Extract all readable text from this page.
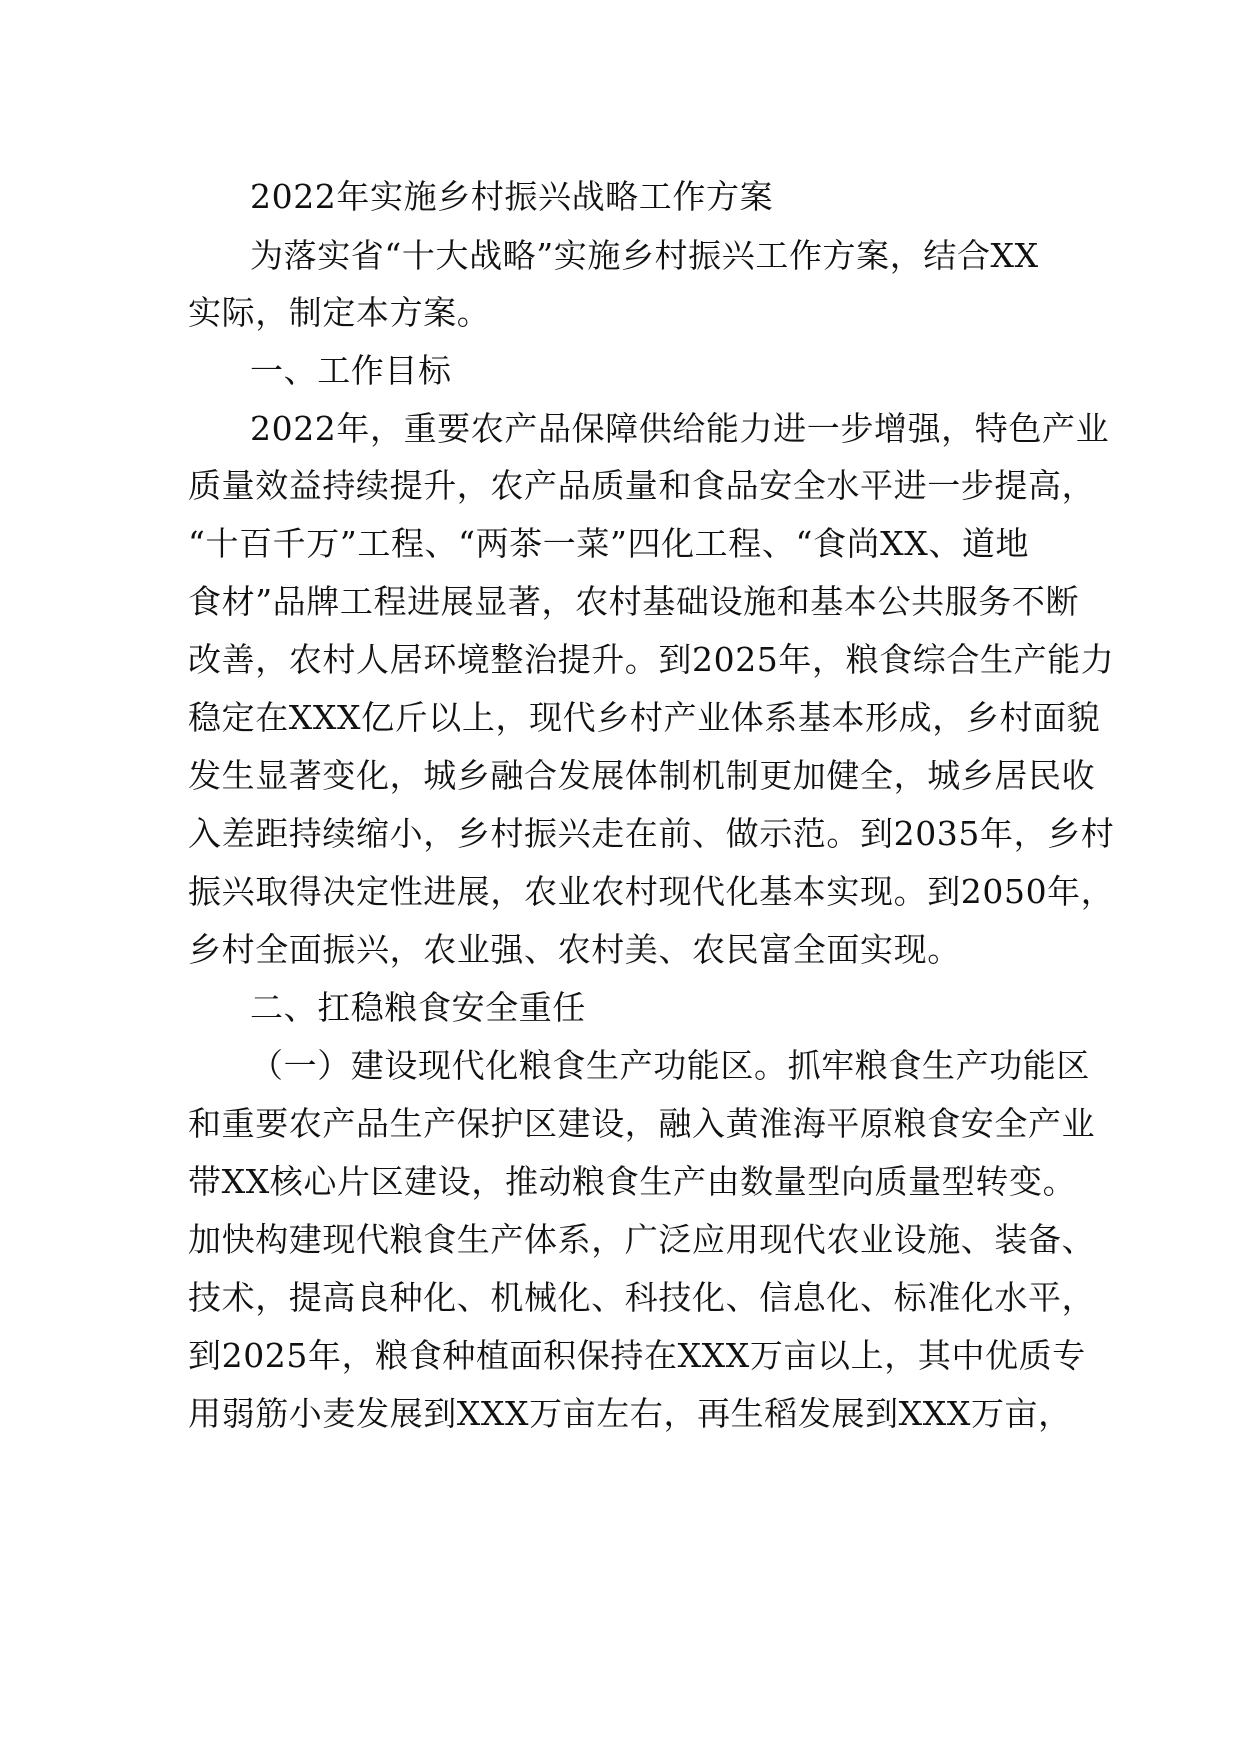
2022年实施乡村振兴战略工作方案
为落实省“十大战略”实施乡村振兴工作方案，结合XX
实际，制定本方案。
一、工作目标
2022年，重要农产品保障供给能力进一步增强，特色产业
质量效益持续提升，农产品质量和食品安全水平进一步提高，
“十百千万”工程、“两茶一菜”四化工程、“食尚XX、道地
食材”品牌工程进展显著，农村基础设施和基本公共服务不断
改善，农村人居环境整治提升。到2025年，粮食综合生产能力
稳定在XXX亿斤以上，现代乡村产业体系基本形成，乡村面貌
发生显著变化，城乡融合发展体制机制更加健全，城乡居民收
入差距持续缩小，乡村振兴走在前、做示范。到2035年，乡村
振兴取得决定性进展，农业农村现代化基本实现。到2050年，
乡村全面振兴，农业强、农村美、农民富全面实现。
二、扛稳粮食安全重任
（一）建设现代化粮食生产功能区。抓牢粮食生产功能区
和重要农产品生产保护区建设，融入黄淮海平原粮食安全产业
带XX核心片区建设，推动粮食生产由数量型向质量型转变。
加快构建现代粮食生产体系，广泛应用现代农业设施、装备、
技术，提高良种化、机械化、科技化、信息化、标准化水平，
到2025年，粮食种植面积保持在XXX万亩以上，其中优质专
用弱筋小麦发展到XXX万亩左右，再生稻发展到XXX万亩，
